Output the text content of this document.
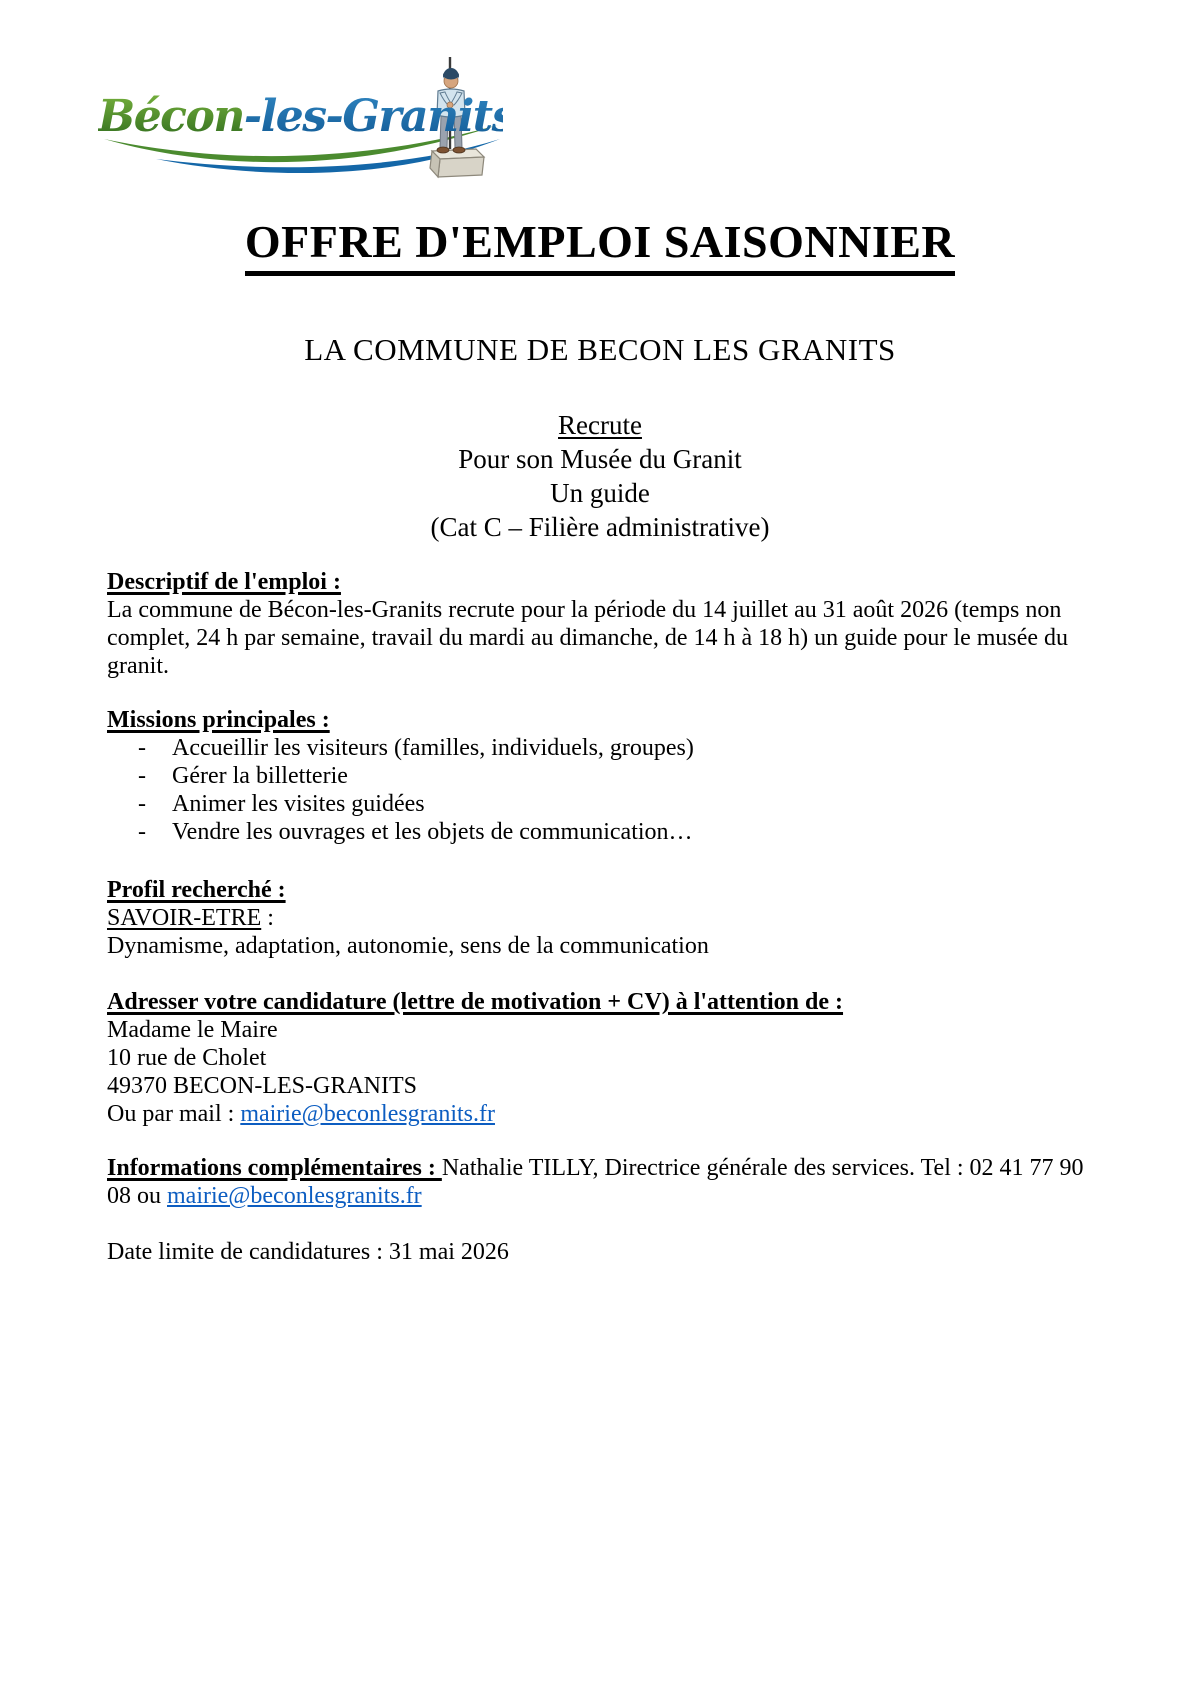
Bécon-les-Granits
OFFRE D'EMPLOI SAISONNIER
LA COMMUNE DE BECON LES GRANITS
Recrute
Pour son Musée du Granit
Un guide
(Cat C – Filière administrative)
Descriptif de l'emploi :

La commune de Bécon-les-Granits recrute pour la période du 14 juillet au 31 août 2026 (temps non complet, 24 h par semaine, travail du mardi au dimanche, de 14 h à 18 h) un guide pour le musée du granit.

Missions principales :
-	Accueillir les visiteurs (familles, individuels, groupes)
-	Gérer la billetterie
-	Animer les visites guidées
-	Vendre les ouvrages et les objets de communication…
Profil recherché :
SAVOIR-ETRE :
Dynamisme, adaptation, autonomie, sens de la communication
Adresser votre candidature (lettre de motivation + CV) à l'attention de :

Madame le Maire

10 rue de Cholet

49370 BECON-LES-GRANITS

Ou par mail : mairie@beconlesgranits.fr

Informations complémentaires : Nathalie TILLY, Directrice générale des services. Tel : 02 41 77 90 08 ou mairie@beconlesgranits.fr

Date limite de candidatures : 31 mai 2026
